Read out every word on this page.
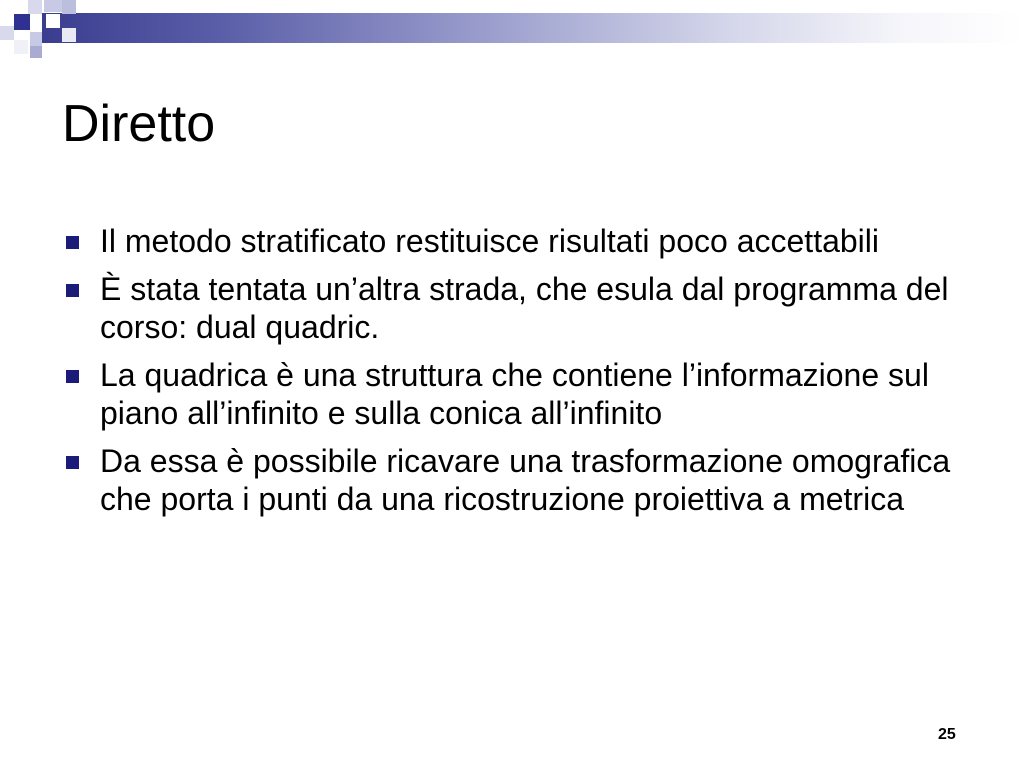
Diretto
Il metodo stratificato restituisce risultati poco accettabili
È stata tentata un’altra strada, che esula dal programma del corso: dual quadric.
La quadrica è una struttura che contiene l’informazione sul piano all’infinito e sulla conica all’infinito
Da essa è possibile ricavare una trasformazione omografica che porta i punti da una ricostruzione proiettiva a metrica
25
